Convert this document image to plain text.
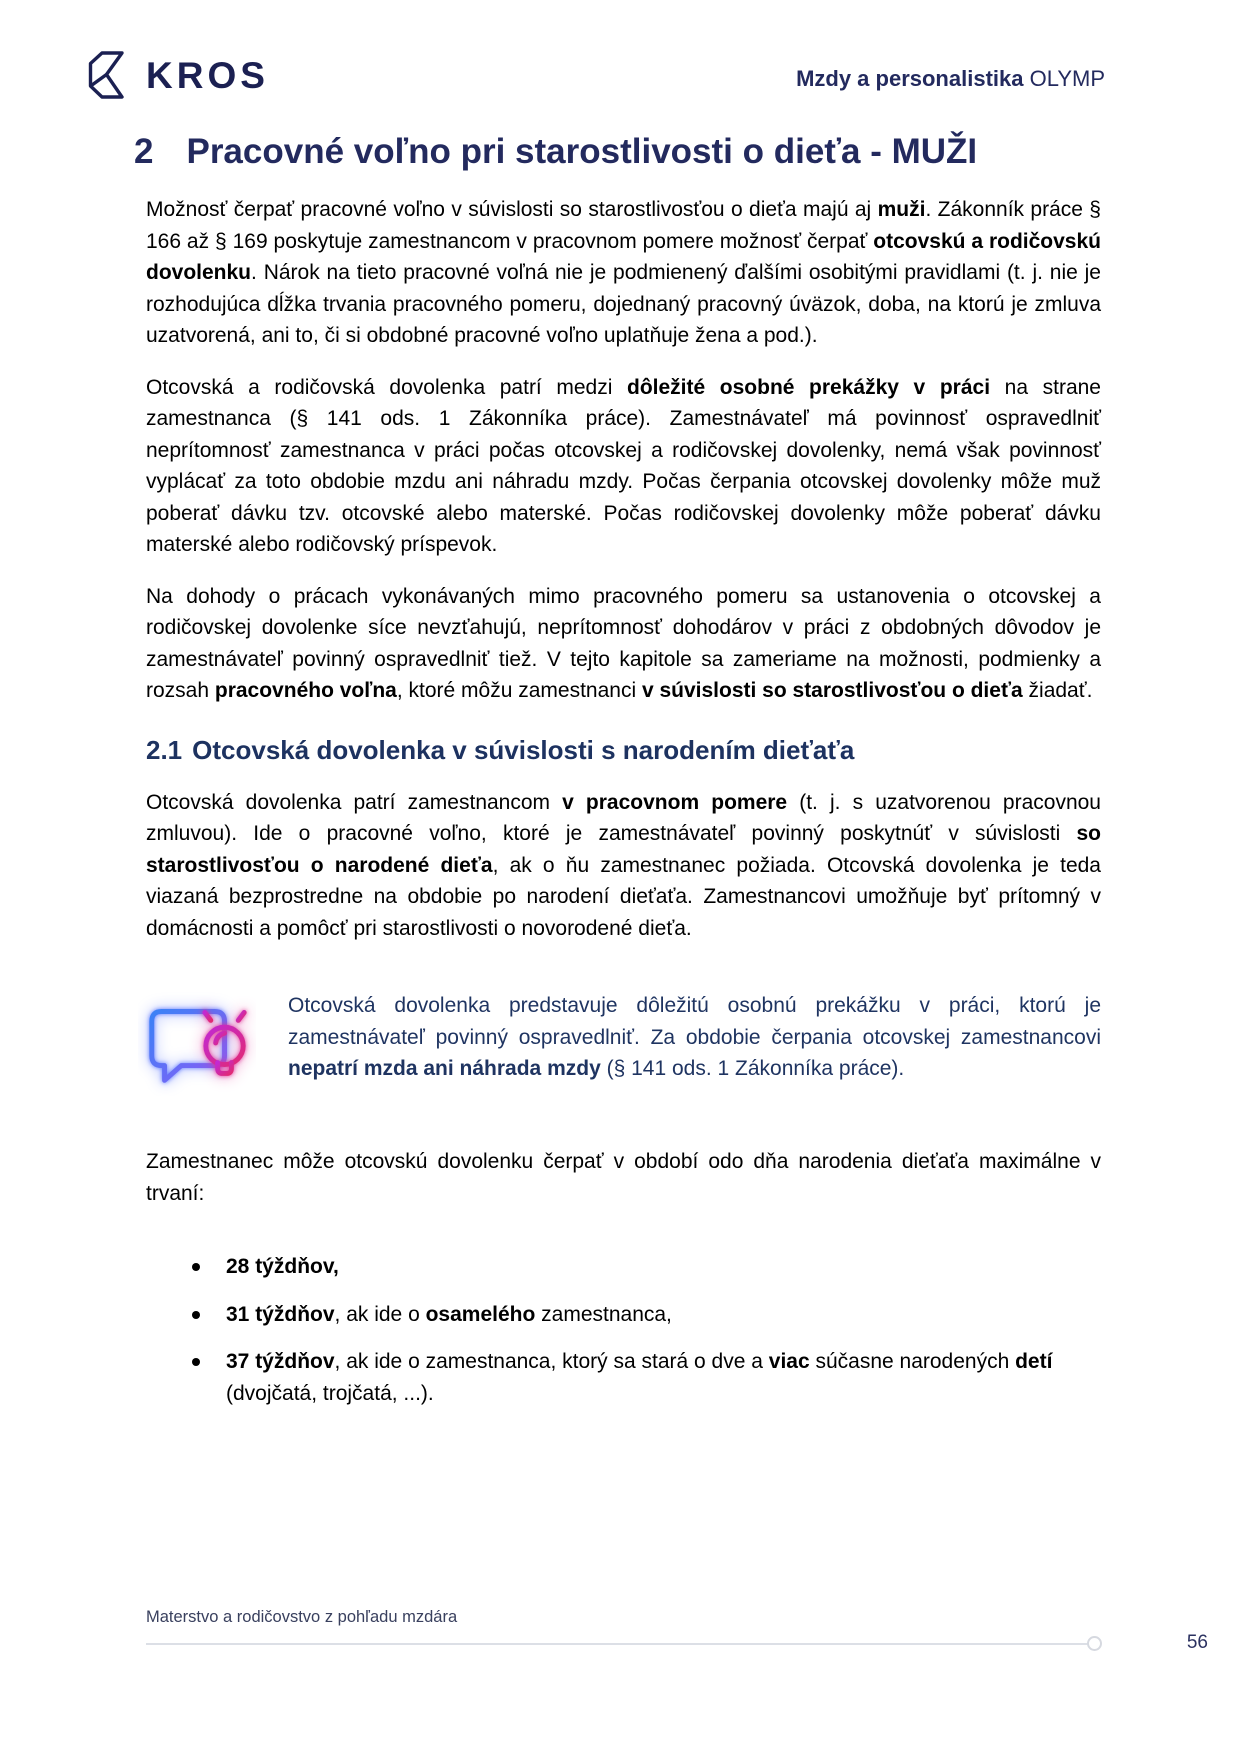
KROS	Mzdy a personalistika OLYMP
2 Pracovné voľno pri starostlivosti o dieťa - MUŽI

Možnosť čerpať pracovné voľno v súvislosti so starostlivosťou o dieťa majú aj muži. Zákonník práce § 166 až § 169 poskytuje zamestnancom v pracovnom pomere možnosť čerpať otcovskú a rodičovskú dovolenku. Nárok na tieto pracovné voľná nie je podmienený ďalšími osobitými pravidlami (t. j. nie je rozhodujúca dĺžka trvania pracovného pomeru, dojednaný pracovný úväzok, doba, na ktorú je zmluva uzatvorená, ani to, či si obdobné pracovné voľno uplatňuje žena a pod.).

Otcovská a rodičovská dovolenka patrí medzi dôležité osobné prekážky v práci na strane zamestnanca (§ 141 ods. 1 Zákonníka práce). Zamestnávateľ má povinnosť ospravedlniť neprítomnosť zamestnanca v práci počas otcovskej a rodičovskej dovolenky, nemá však povinnosť vyplácať za toto obdobie mzdu ani náhradu mzdy. Počas čerpania otcovskej dovolenky môže muž poberať dávku tzv. otcovské alebo materské. Počas rodičovskej dovolenky môže poberať dávku materské alebo rodičovský príspevok.

Na dohody o prácach vykonávaných mimo pracovného pomeru sa ustanovenia o otcovskej a rodičovskej dovolenke síce nevzťahujú, neprítomnosť dohodárov v práci z obdobných dôvodov je zamestnávateľ povinný ospravedlniť tiež. V tejto kapitole sa zameriame na možnosti, podmienky a rozsah pracovného voľna, ktoré môžu zamestnanci v súvislosti so starostlivosťou o dieťa žiadať.

2.1 Otcovská dovolenka v súvislosti s narodením dieťaťa

Otcovská dovolenka patrí zamestnancom v pracovnom pomere (t. j. s uzatvorenou pracovnou zmluvou). Ide o pracovné voľno, ktoré je zamestnávateľ povinný poskytnúť v súvislosti so starostlivosťou o narodené dieťa, ak o ňu zamestnanec požiada. Otcovská dovolenka je teda viazaná bezprostredne na obdobie po narodení dieťaťa. Zamestnancovi umožňuje byť prítomný v domácnosti a pomôcť pri starostlivosti o novorodené dieťa.

Otcovská dovolenka predstavuje dôležitú osobnú prekážku v práci, ktorú je zamestnávateľ povinný ospravedlniť. Za obdobie čerpania otcovskej zamestnancovi nepatrí mzda ani náhrada mzdy (§ 141 ods. 1 Zákonníka práce).

Zamestnanec môže otcovskú dovolenku čerpať v období odo dňa narodenia dieťaťa maximálne v trvaní:

28 týždňov,
31 týždňov, ak ide o osamelého zamestnanca,
37 týždňov, ak ide o zamestnanca, ktorý sa stará o dve a viac súčasne narodených detí (dvojčatá, trojčatá, ...).
Materstvo a rodičovstvo z pohľadu mzdára
56
